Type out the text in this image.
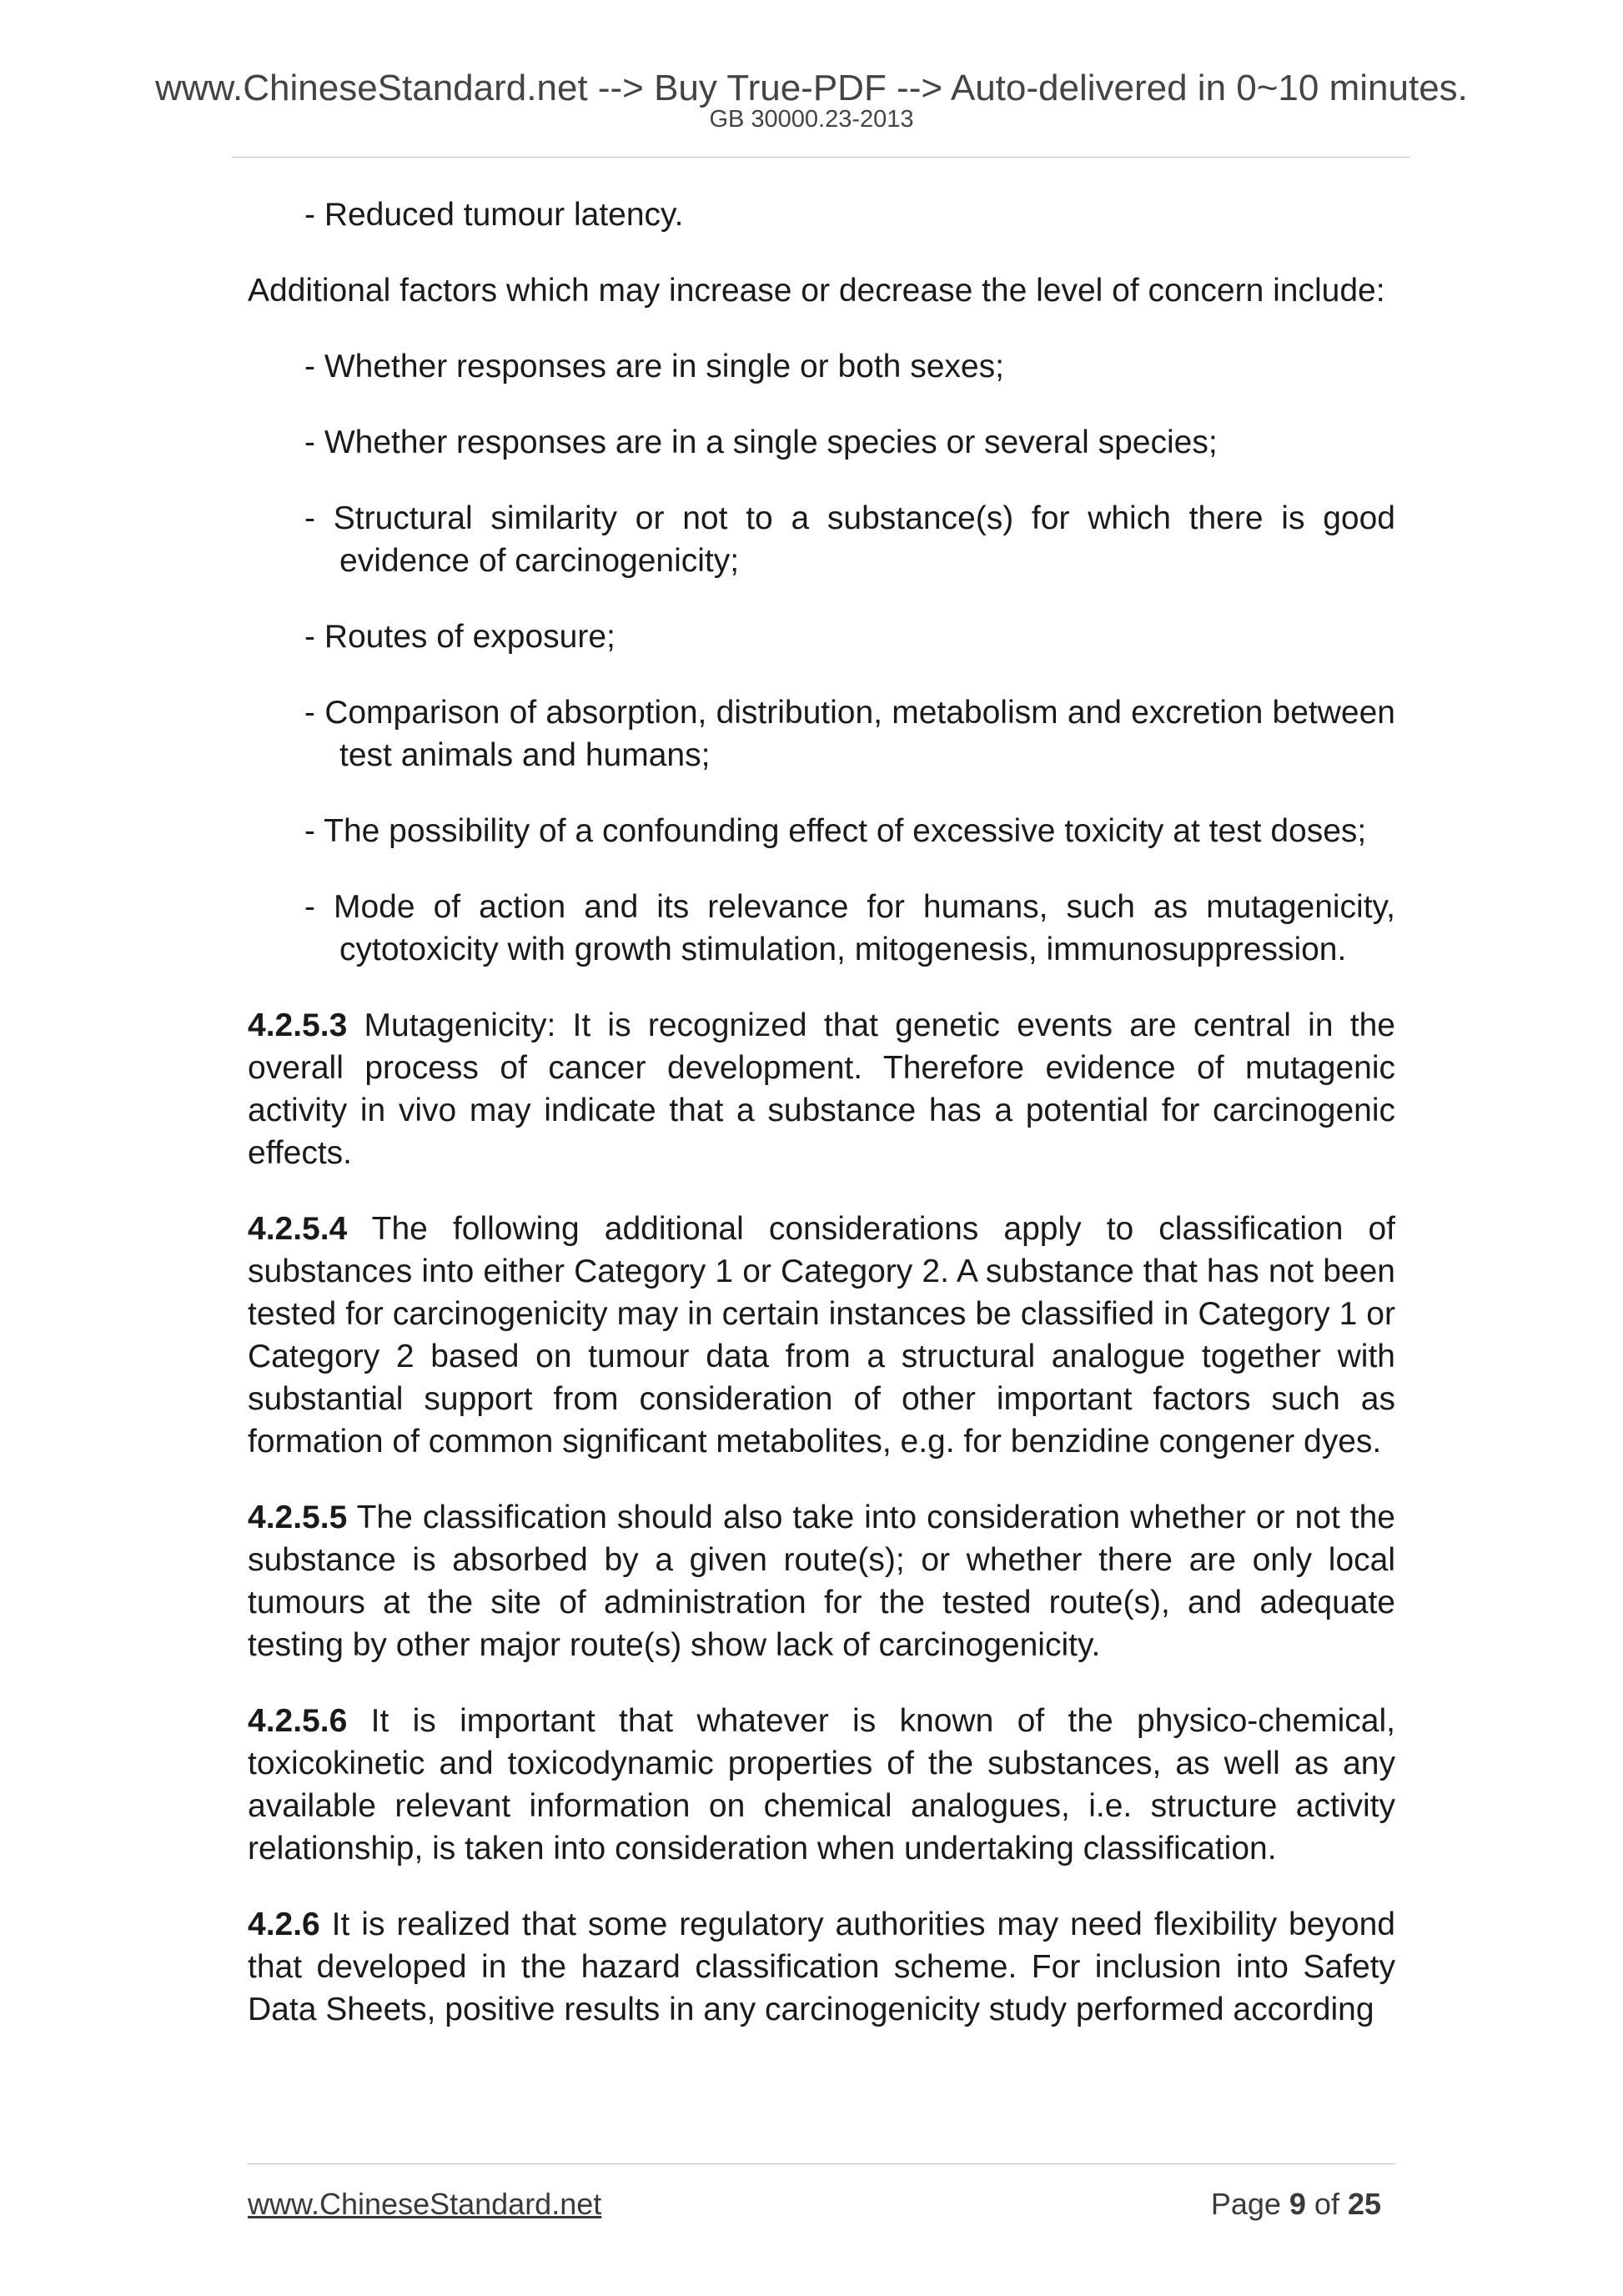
www.ChineseStandard.net --> Buy True-PDF --> Auto-delivered in 0~10 minutes.
GB 30000.23-2013
- Reduced tumour latency.
Additional factors which may increase or decrease the level of concern include:
- Whether responses are in single or both sexes;
- Whether responses are in a single species or several species;
- Structural similarity or not to a substance(s) for which there is good evidence of carcinogenicity;
- Routes of exposure;
- Comparison of absorption, distribution, metabolism and excretion between test animals and humans;
- The possibility of a confounding effect of excessive toxicity at test doses;
- Mode of action and its relevance for humans, such as mutagenicity, cytotoxicity with growth stimulation, mitogenesis, immunosuppression.
4.2.5.3 Mutagenicity: It is recognized that genetic events are central in the overall process of cancer development. Therefore evidence of mutagenic activity in vivo may indicate that a substance has a potential for carcinogenic effects.
4.2.5.4 The following additional considerations apply to classification of substances into either Category 1 or Category 2. A substance that has not been tested for carcinogenicity may in certain instances be classified in Category 1 or Category 2 based on tumour data from a structural analogue together with substantial support from consideration of other important factors such as formation of common significant metabolites, e.g. for benzidine congener dyes.
4.2.5.5 The classification should also take into consideration whether or not the substance is absorbed by a given route(s); or whether there are only local tumours at the site of administration for the tested route(s), and adequate testing by other major route(s) show lack of carcinogenicity.
4.2.5.6 It is important that whatever is known of the physico-chemical, toxicokinetic and toxicodynamic properties of the substances, as well as any available relevant information on chemical analogues, i.e. structure activity relationship, is taken into consideration when undertaking classification.
4.2.6 It is realized that some regulatory authorities may need flexibility beyond that developed in the hazard classification scheme. For inclusion into Safety Data Sheets, positive results in any carcinogenicity study performed according
www.ChineseStandard.net	Page 9 of 25
